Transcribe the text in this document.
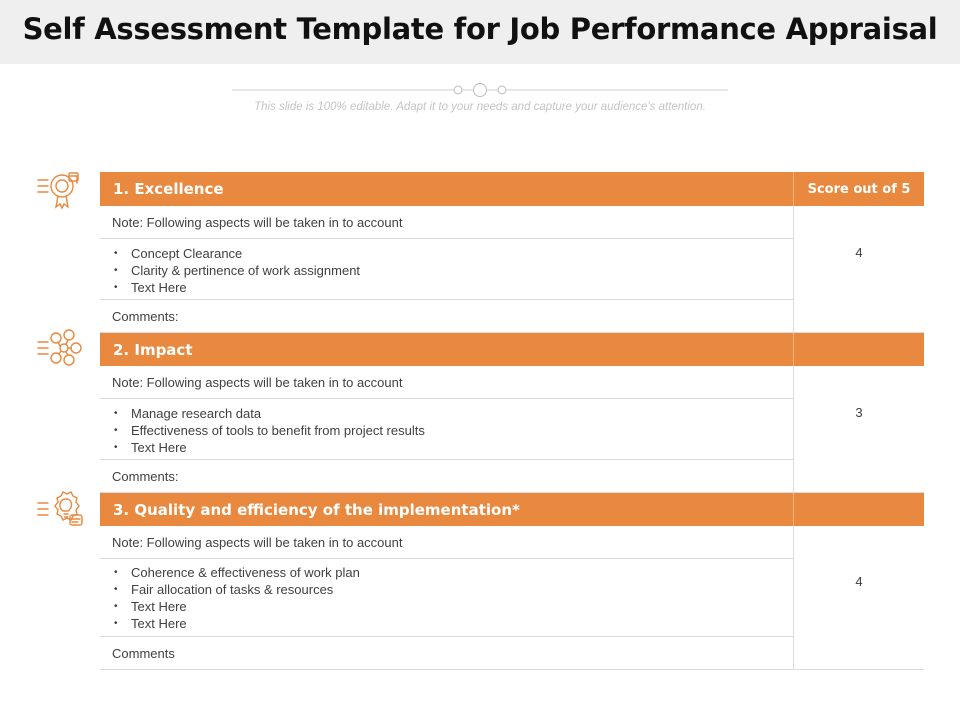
Self Assessment Template for Job Performance Appraisal
This slide is 100% editable. Adapt it to your needs and capture your audience's attention.
1. Excellence	Score out of 5
Note: Following aspects will be taken in to account
• Concept Clearance
• Clarity & pertinence of work assignment
• Text Here
Comments:
4
2. Impact
Note: Following aspects will be taken in to account
• Manage research data
• Effectiveness of tools to benefit from project results
• Text Here
Comments:
3
3. Quality and efficiency of the implementation*
Note: Following aspects will be taken in to account
• Coherence & effectiveness of work plan
• Fair allocation of tasks & resources
• Text Here
• Text Here
Comments
4
